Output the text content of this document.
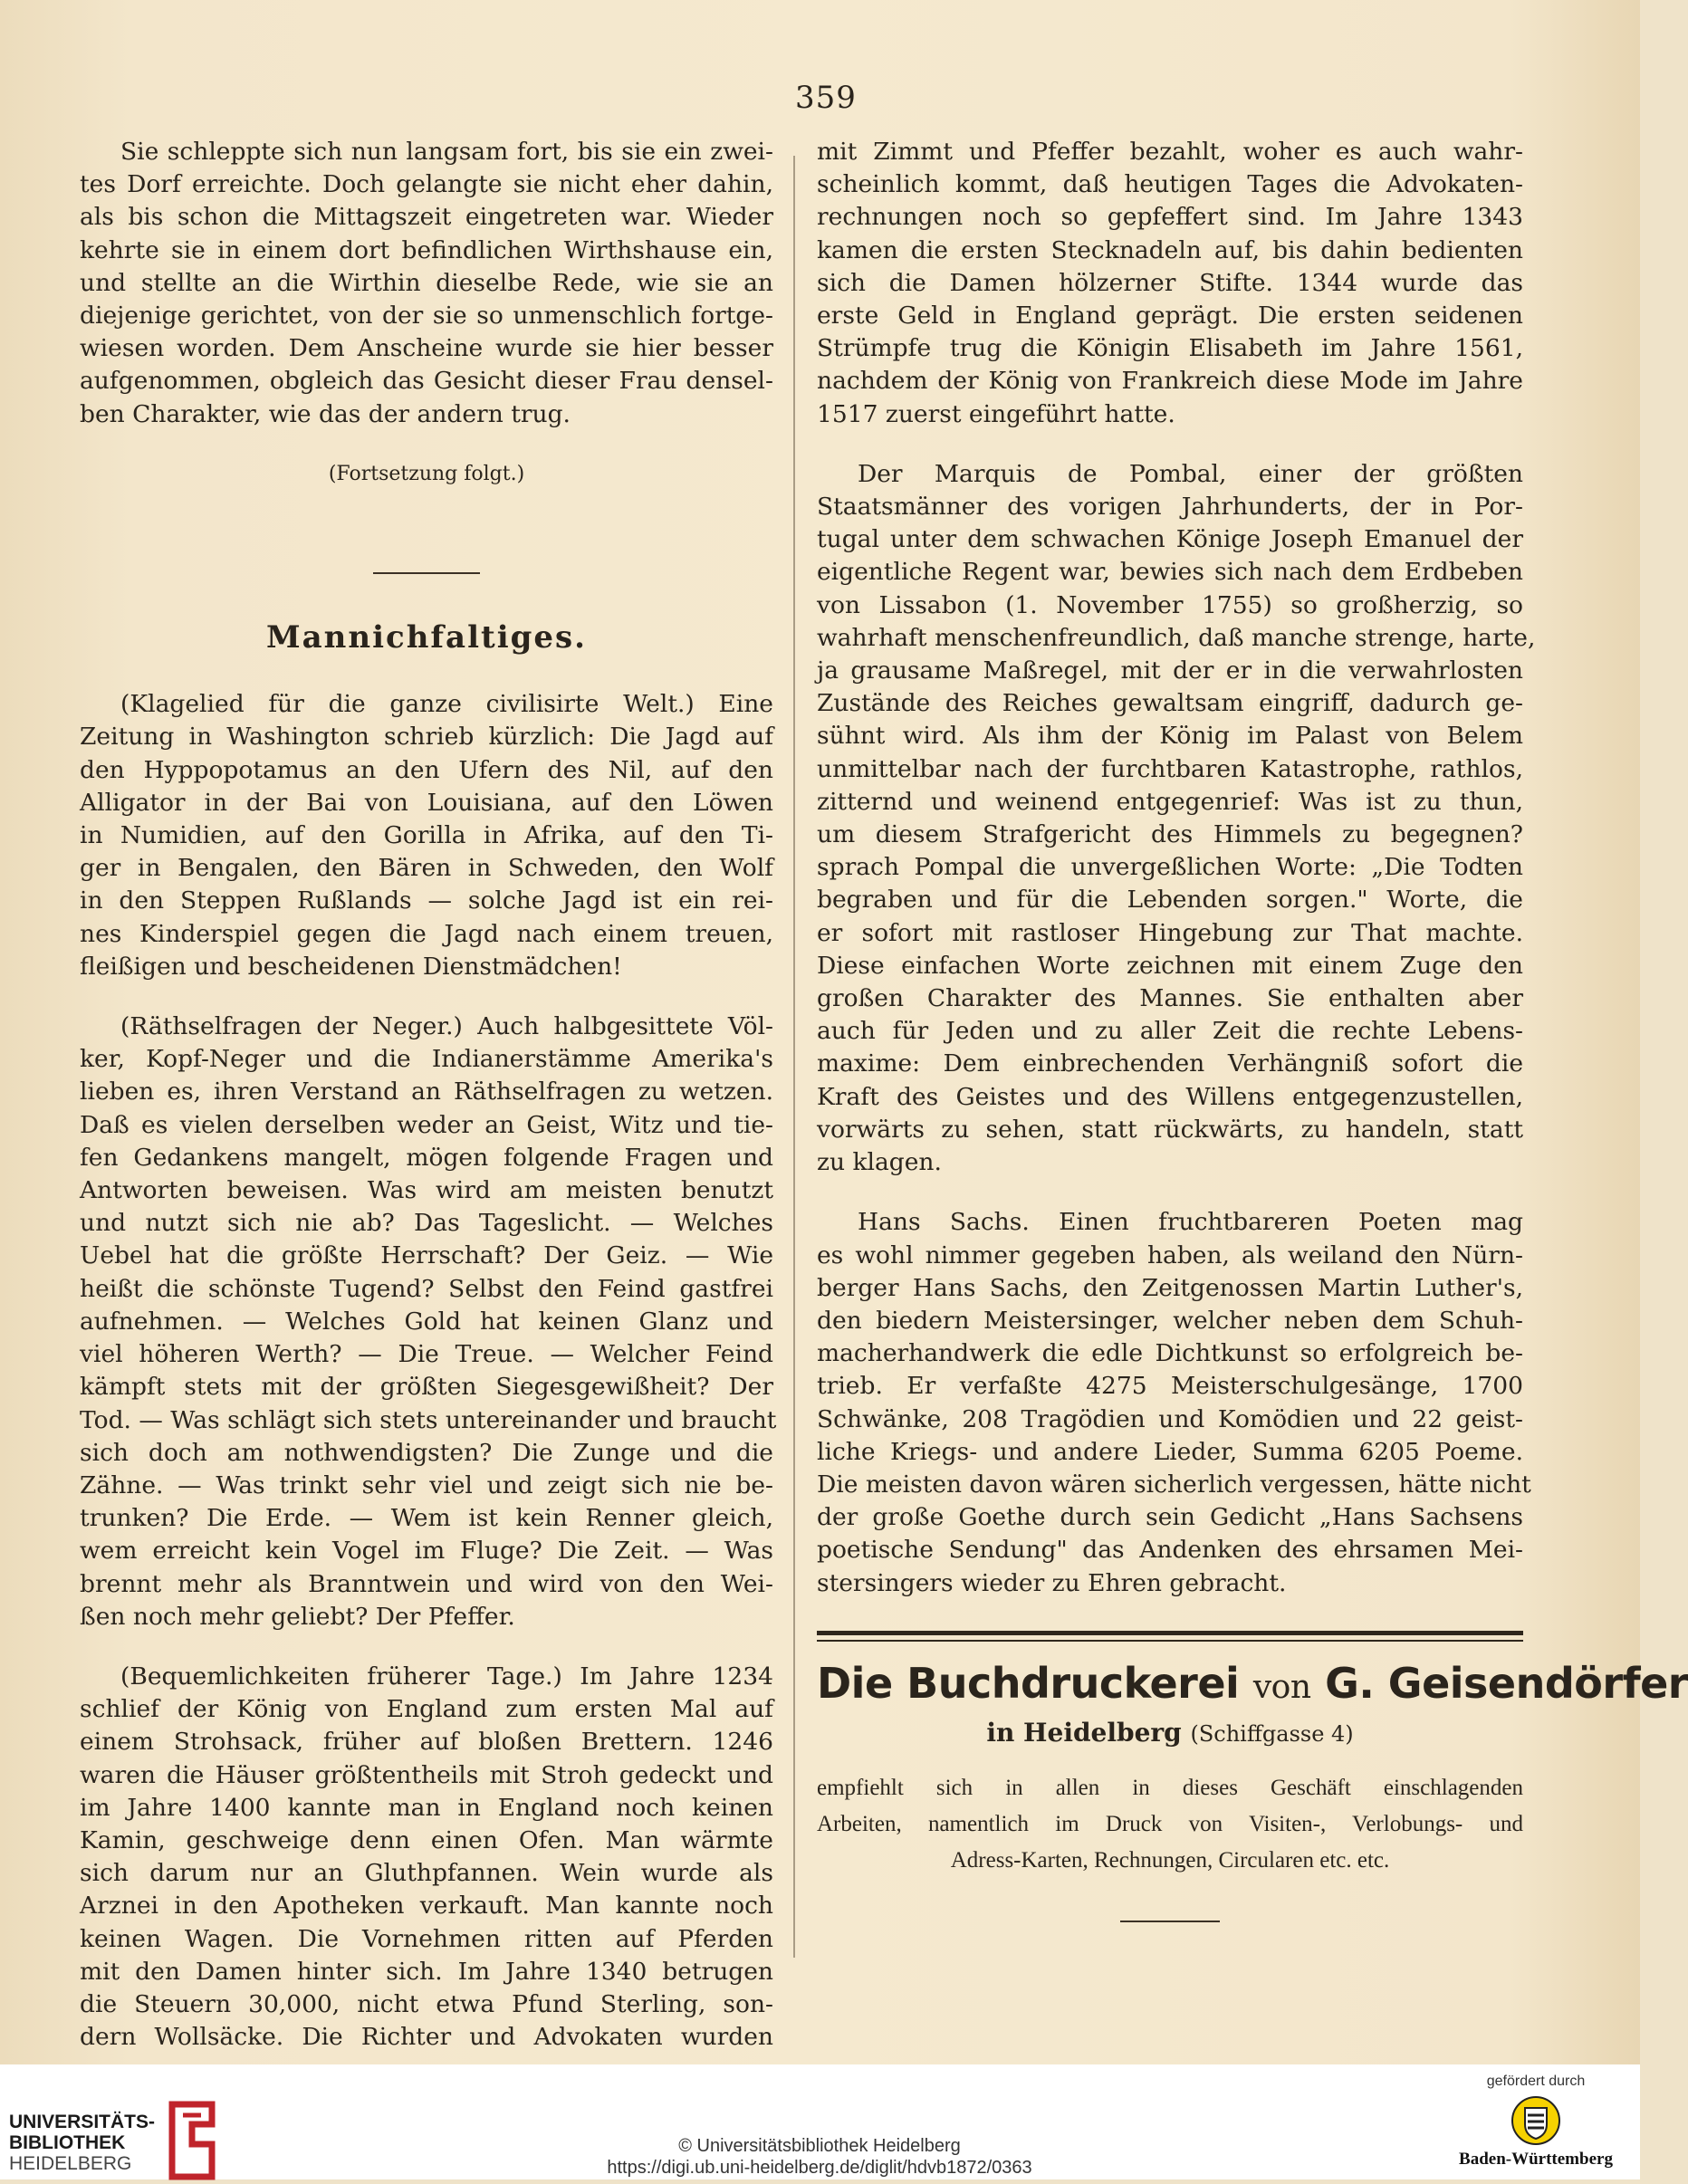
359
Sie schleppte sich nun langsam fort, bis sie ein zwei-
tes Dorf erreichte. Doch gelangte sie nicht eher dahin,
als bis schon die Mittagszeit eingetreten war. Wieder
kehrte sie in einem dort befindlichen Wirthshause ein,
und stellte an die Wirthin dieselbe Rede, wie sie an
diejenige gerichtet, von der sie so unmenschlich fortge-
wiesen worden. Dem Anscheine wurde sie hier besser
aufgenommen, obgleich das Gesicht dieser Frau densel-
ben Charakter, wie das der andern trug.
(Fortsetzung folgt.)
Mannichfaltiges.
(Klagelied für die ganze civilisirte Welt.) Eine
Zeitung in Washington schrieb kürzlich: Die Jagd auf
den Hyppopotamus an den Ufern des Nil, auf den
Alligator in der Bai von Louisiana, auf den Löwen
in Numidien, auf den Gorilla in Afrika, auf den Ti-
ger in Bengalen, den Bären in Schweden, den Wolf
in den Steppen Rußlands — solche Jagd ist ein rei-
nes Kinderspiel gegen die Jagd nach einem treuen,
fleißigen und bescheidenen Dienstmädchen!
(Räthselfragen der Neger.) Auch halbgesittete Völ-
ker, Kopf-Neger und die Indianerstämme Amerika's
lieben es, ihren Verstand an Räthselfragen zu wetzen.
Daß es vielen derselben weder an Geist, Witz und tie-
fen Gedankens mangelt, mögen folgende Fragen und
Antworten beweisen. Was wird am meisten benutzt
und nutzt sich nie ab? Das Tageslicht. — Welches
Uebel hat die größte Herrschaft? Der Geiz. — Wie
heißt die schönste Tugend? Selbst den Feind gastfrei
aufnehmen. — Welches Gold hat keinen Glanz und
viel höheren Werth? — Die Treue. — Welcher Feind
kämpft stets mit der größten Siegesgewißheit? Der
Tod. — Was schlägt sich stets untereinander und braucht
sich doch am nothwendigsten? Die Zunge und die
Zähne. — Was trinkt sehr viel und zeigt sich nie be-
trunken? Die Erde. — Wem ist kein Renner gleich,
wem erreicht kein Vogel im Fluge? Die Zeit. — Was
brennt mehr als Branntwein und wird von den Wei-
ßen noch mehr geliebt? Der Pfeffer.
(Bequemlichkeiten früherer Tage.) Im Jahre 1234
schlief der König von England zum ersten Mal auf
einem Strohsack, früher auf bloßen Brettern. 1246
waren die Häuser größtentheils mit Stroh gedeckt und
im Jahre 1400 kannte man in England noch keinen
Kamin, geschweige denn einen Ofen. Man wärmte
sich darum nur an Gluthpfannen. Wein wurde als
Arznei in den Apotheken verkauft. Man kannte noch
keinen Wagen. Die Vornehmen ritten auf Pferden
mit den Damen hinter sich. Im Jahre 1340 betrugen
die Steuern 30,000, nicht etwa Pfund Sterling, son-
dern Wollsäcke. Die Richter und Advokaten wurden
mit Zimmt und Pfeffer bezahlt, woher es auch wahr-
scheinlich kommt, daß heutigen Tages die Advokaten-
rechnungen noch so gepfeffert sind. Im Jahre 1343
kamen die ersten Stecknadeln auf, bis dahin bedienten
sich die Damen hölzerner Stifte. 1344 wurde das
erste Geld in England geprägt. Die ersten seidenen
Strümpfe trug die Königin Elisabeth im Jahre 1561,
nachdem der König von Frankreich diese Mode im Jahre
1517 zuerst eingeführt hatte.
Der Marquis de Pombal, einer der größten
Staatsmänner des vorigen Jahrhunderts, der in Por-
tugal unter dem schwachen Könige Joseph Emanuel der
eigentliche Regent war, bewies sich nach dem Erdbeben
von Lissabon (1. November 1755) so großherzig, so
wahrhaft menschenfreundlich, daß manche strenge, harte,
ja grausame Maßregel, mit der er in die verwahrlosten
Zustände des Reiches gewaltsam eingriff, dadurch ge-
sühnt wird. Als ihm der König im Palast von Belem
unmittelbar nach der furchtbaren Katastrophe, rathlos,
zitternd und weinend entgegenrief: Was ist zu thun,
um diesem Strafgericht des Himmels zu begegnen?
sprach Pompal die unvergeßlichen Worte: „Die Todten
begraben und für die Lebenden sorgen." Worte, die
er sofort mit rastloser Hingebung zur That machte.
Diese einfachen Worte zeichnen mit einem Zuge den
großen Charakter des Mannes. Sie enthalten aber
auch für Jeden und zu aller Zeit die rechte Lebens-
maxime: Dem einbrechenden Verhängniß sofort die
Kraft des Geistes und des Willens entgegenzustellen,
vorwärts zu sehen, statt rückwärts, zu handeln, statt
zu klagen.
Hans Sachs. Einen fruchtbareren Poeten mag
es wohl nimmer gegeben haben, als weiland den Nürn-
berger Hans Sachs, den Zeitgenossen Martin Luther's,
den biedern Meistersinger, welcher neben dem Schuh-
macherhandwerk die edle Dichtkunst so erfolgreich be-
trieb. Er verfaßte 4275 Meisterschulgesänge, 1700
Schwänke, 208 Tragödien und Komödien und 22 geist-
liche Kriegs- und andere Lieder, Summa 6205 Poeme.
Die meisten davon wären sicherlich vergessen, hätte nicht
der große Goethe durch sein Gedicht „Hans Sachsens
poetische Sendung" das Andenken des ehrsamen Mei-
stersingers wieder zu Ehren gebracht.
Die Buchdruckerei von G. Geisendörfer
in Heidelberg (Schiffgasse 4)
empfiehlt sich in allen in dieses Geschäft einschlagenden
Arbeiten, namentlich im Druck von Visiten-, Verlobungs- und
Adress-Karten, Rechnungen, Circularen etc. etc.
UNIVERSITÄTS-
BIBLIOTHEK
HEIDELBERG
© Universitätsbibliothek Heidelberg
https://digi.ub.uni-heidelberg.de/diglit/hdvb1872/0363
gefördert durch
Baden-Württemberg
